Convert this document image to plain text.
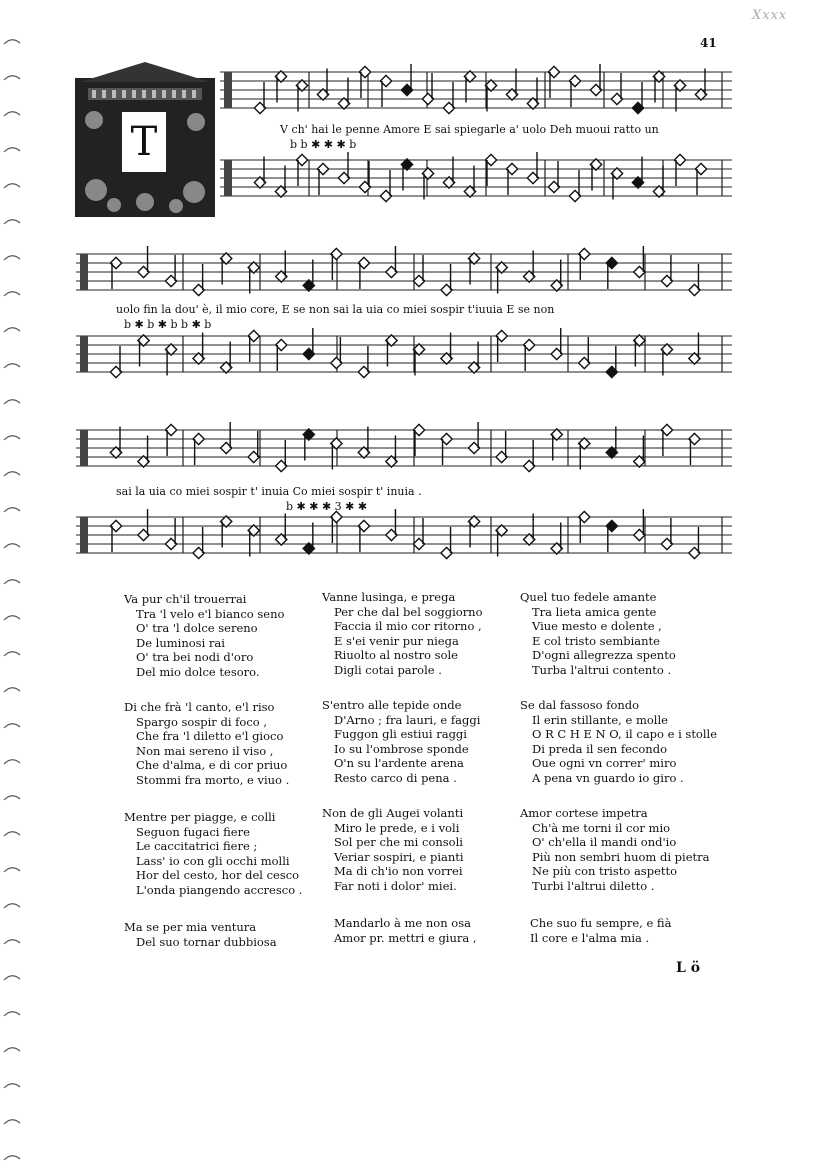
41
Xxxx
T	V ch' hai le penne Amore E sai spiegarle a' uolo Deh muoui ratto un
b b ✱ ✱ ✱ b
uolo fin la dou' è, il mio core, E se non sai la uia co miei sospir t'iuuia E se non
b ✱ b ✱ b b ✱ b
sai la uia co miei sospir t' inuia Co miei sospir t' inuia .
b ✱ ✱ ✱ 3 ✱ ✱
Va pur ch'il trouerrai
Tra 'l velo e'l bianco seno
O' tra 'l dolce sereno
De luminosi rai
O' tra bei nodi d'oro
Del mio dolce tesoro.
Di che frà 'l canto, e'l riso
Spargo sospir di foco ,
Che fra 'l diletto e'l gioco
Non mai sereno il viso ,
Che d'alma, e di cor priuo
Stommi fra morto, e viuo .
Mentre per piagge, e colli
Seguon fugaci fiere
Le caccitatrici fiere ;
Lass' io con gli occhi molli
Hor del cesto, hor del cesco
L'onda piangendo accresco .
Ma se per mia ventura
Del suo tornar dubbiosa
Vanne lusinga, e prega
Per che dal bel soggiorno
Faccia il mio cor ritorno ,
E s'ei venir pur niega
Riuolto al nostro sole
Digli cotai parole .
S'entro alle tepide onde
D'Arno ; fra lauri, e faggi
Fuggon gli estiui raggi
Io su l'ombrose sponde
O'n su l'ardente arena
Resto carco di pena .
Non de gli Augei volanti
Miro le prede, e i voli
Sol per che mi consoli
Veriar sospiri, e pianti
Ma di ch'io non vorrei
Far noti i dolor' miei.
Mandarlo à me non osa
Amor pr. mettri e giura ,
Quel tuo fedele amante
Tra lieta amica gente
Viue mesto e dolente ,
E col tristo sembiante
D'ogni allegrezza spento
Turba l'altrui contento .
Se dal fassoso fondo
Il erin stillante, e molle
O R C H E N O, il capo e i stolle
Di preda il sen fecondo
Oue ogni vn correr' miro
A pena vn guardo io giro .
Amor cortese impetra
Ch'à me torni il cor mio
O' ch'ella il mandi ond'io
Più non sembri huom di pietra
Ne più con tristo aspetto
Turbi l'altrui diletto .
Che suo fu sempre, e fià
Il core e l'alma mia .
L ö
